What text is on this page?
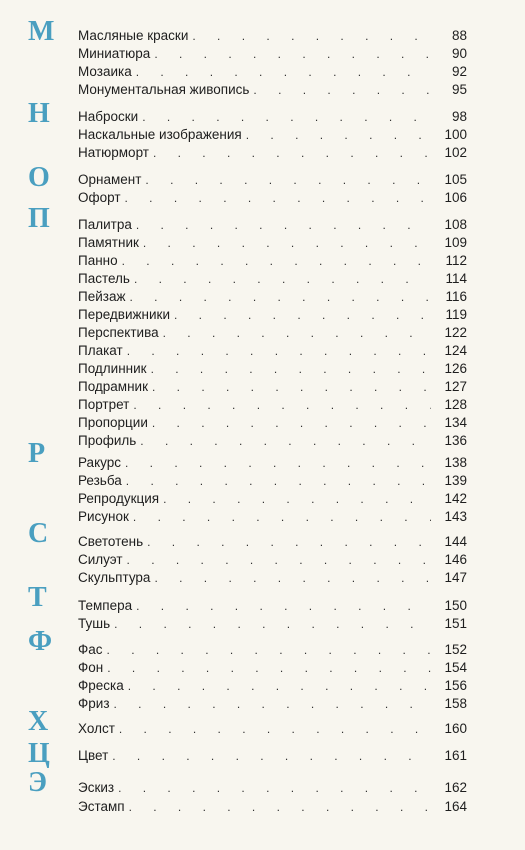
М	Масляные краски . . .	88
Миниатюра . . .	90
Мозаика . . .	92
Монументальная живопись . . .	95
Н	Наброски . . .	98
Наскальные изображения . . .	100
Натюрморт . . .	102
О	Орнамент . . .	105
Офорт . . .	106
П	Палитра . . .	108
Памятник . . .	109
Панно . . .	112
Пастель . . .	114
Пейзаж . . .	116
Передвижники . . .	119
Перспектива . . .	122
Плакат . . .	124
Подлинник . . .	126
Подрамник . . .	127
Портрет . . .	128
Пропорции . . .	134
Профиль . . .	136
Р	Ракурс . . .	138
Резьба . . .	139
Репродукция . . .	142
Рисунок . . .	143
С	Светотень . . .	144
Силуэт . . .	146
Скульптура . . .	147
Т	Темпера . . .	150
Тушь . . .	151
Ф	Фас . . .	152
Фон . . .	154
Фреска . . .	156
Фриз . . .	158
Х	Холст . . .	160
Ц	Цвет . . .	161
Э	Эскиз . . .	162
Эстамп . . .	164
